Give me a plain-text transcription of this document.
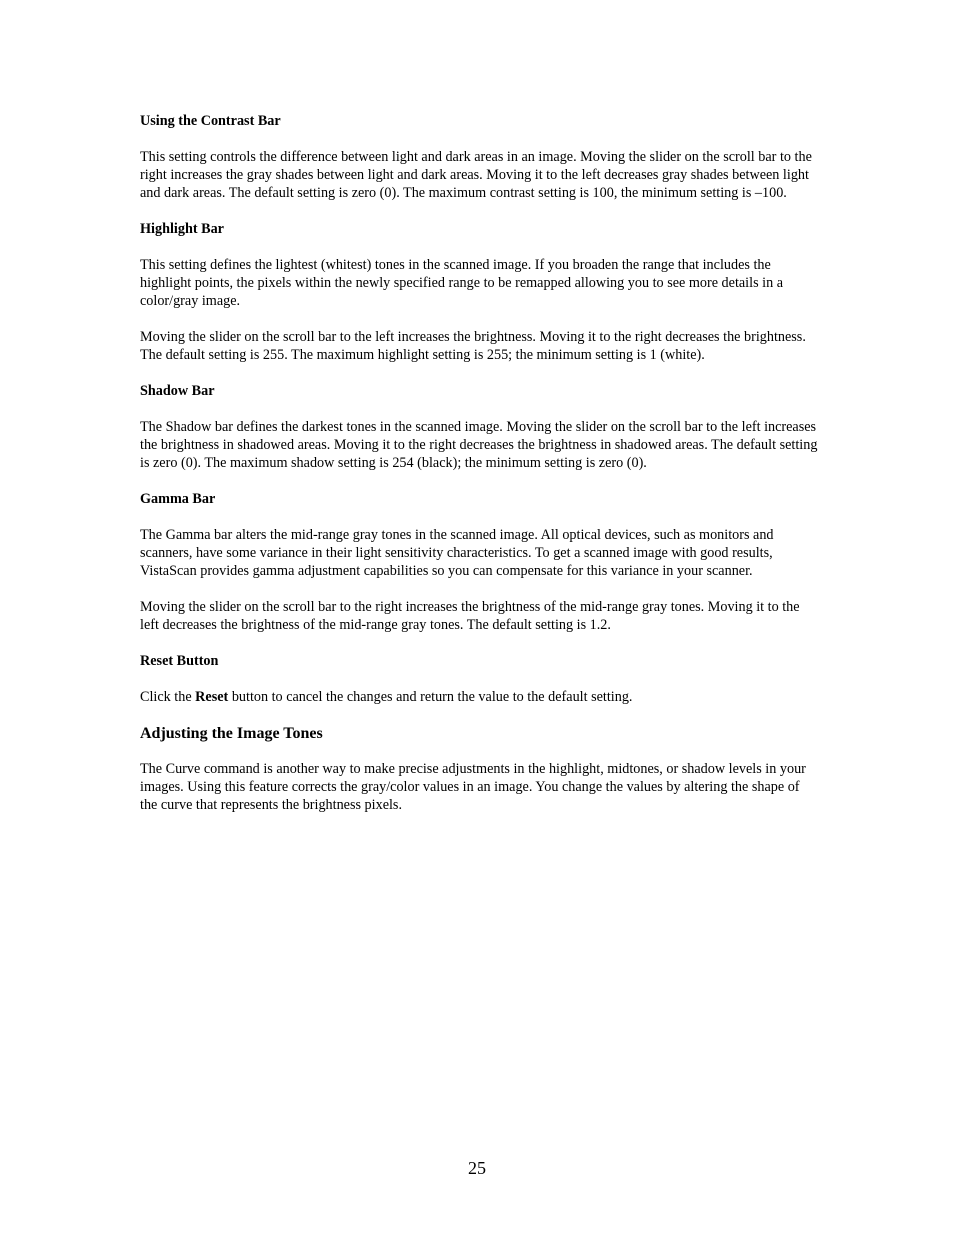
Using the Contrast Bar

This setting controls the difference between light and dark areas in an image. Moving the slider on the scroll bar to the right increases the gray shades between light and dark areas. Moving it to the left decreases gray shades between light and dark areas. The default setting is zero (0). The maximum contrast setting is 100, the minimum setting is –100.

Highlight Bar

This setting defines the lightest (whitest) tones in the scanned image. If you broaden the range that includes the highlight points, the pixels within the newly specified range to be remapped allowing you to see more details in a color/gray image.

Moving the slider on the scroll bar to the left increases the brightness. Moving it to the right decreases the brightness. The default setting is 255. The maximum highlight setting is 255; the minimum setting is 1 (white).

Shadow Bar

The Shadow bar defines the darkest tones in the scanned image. Moving the slider on the scroll bar to the left increases the brightness in shadowed areas. Moving it to the right decreases the brightness in shadowed areas. The default setting is zero (0). The maximum shadow setting is 254 (black); the minimum setting is zero (0).

Gamma Bar

The Gamma bar alters the mid-range gray tones in the scanned image. All optical devices, such as monitors and scanners, have some variance in their light sensitivity characteristics. To get a scanned image with good results, VistaScan provides gamma adjustment capabilities so you can compensate for this variance in your scanner.

Moving the slider on the scroll bar to the right increases the brightness of the mid-range gray tones. Moving it to the left decreases the brightness of the mid-range gray tones. The default setting is 1.2.

Reset Button

Click the Reset button to cancel the changes and return the value to the default setting.

Adjusting the Image Tones

The Curve command is another way to make precise adjustments in the highlight, midtones, or shadow levels in your images. Using this feature corrects the gray/color values in an image. You change the values by altering the shape of the curve that represents the brightness pixels.

25
